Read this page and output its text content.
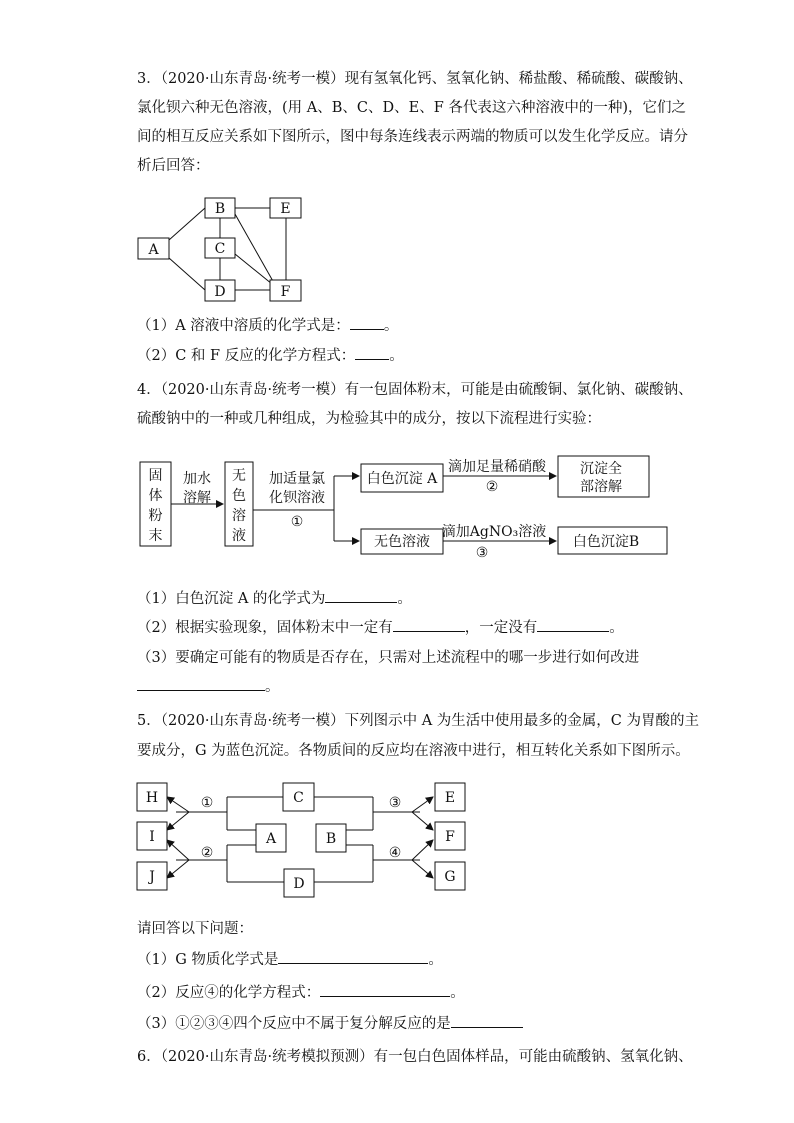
3．（2020·山东青岛·统考一模）现有氢氧化钙、氢氧化钠、稀盐酸、稀硫酸、碳酸钠、
氯化钡六种无色溶液，(用 A、B、C、D、E、F 各代表这六种溶液中的一种)，它们之
间的相互反应关系如下图所示，图中每条连线表示两端的物质可以发生化学反应。请分
析后回答：
A
B	E
C
D	F
（1）A 溶液中溶质的化学式是： 。
（2）C 和 F 反应的化学方程式： 。
4．（2020·山东青岛·统考一模）有一包固体粉末，可能是由硫酸铜、氯化钠、碳酸钠、
硫酸钠中的一种或几种组成，为检验其中的成分，按以下流程进行实验：
固
体
粉
末
加水
溶解
无
色
溶
液
加适量氯
化钡溶液
①
白色沉淀 A
滴加足量稀硝酸
②
沉淀全
部溶解
无色溶液
滴加AgNO₃溶液
③
白色沉淀B
（1）白色沉淀 A 的化学式为	。
（2）根据实验现象，固体粉末中一定有	，一定没有	。
（3）要确定可能有的物质是否存在，只需对上述流程中的哪一步进行如何改进
。
5．（2020·山东青岛·统考一模）下列图示中 A 为生活中使用最多的金属，C 为胃酸的主
要成分，G 为蓝色沉淀。各物质间的反应均在溶液中进行，相互转化关系如下图所示。
H
I
J
C
A	B
D
E
F
G
①
②
③
④
请回答以下问题：
（1）G 物质化学式是	。
（2）反应④的化学方程式：	。
（3）①②③④四个反应中不属于复分解反应的是
6．（2020·山东青岛·统考模拟预测）有一包白色固体样品，可能由硫酸钠、氢氧化钠、
